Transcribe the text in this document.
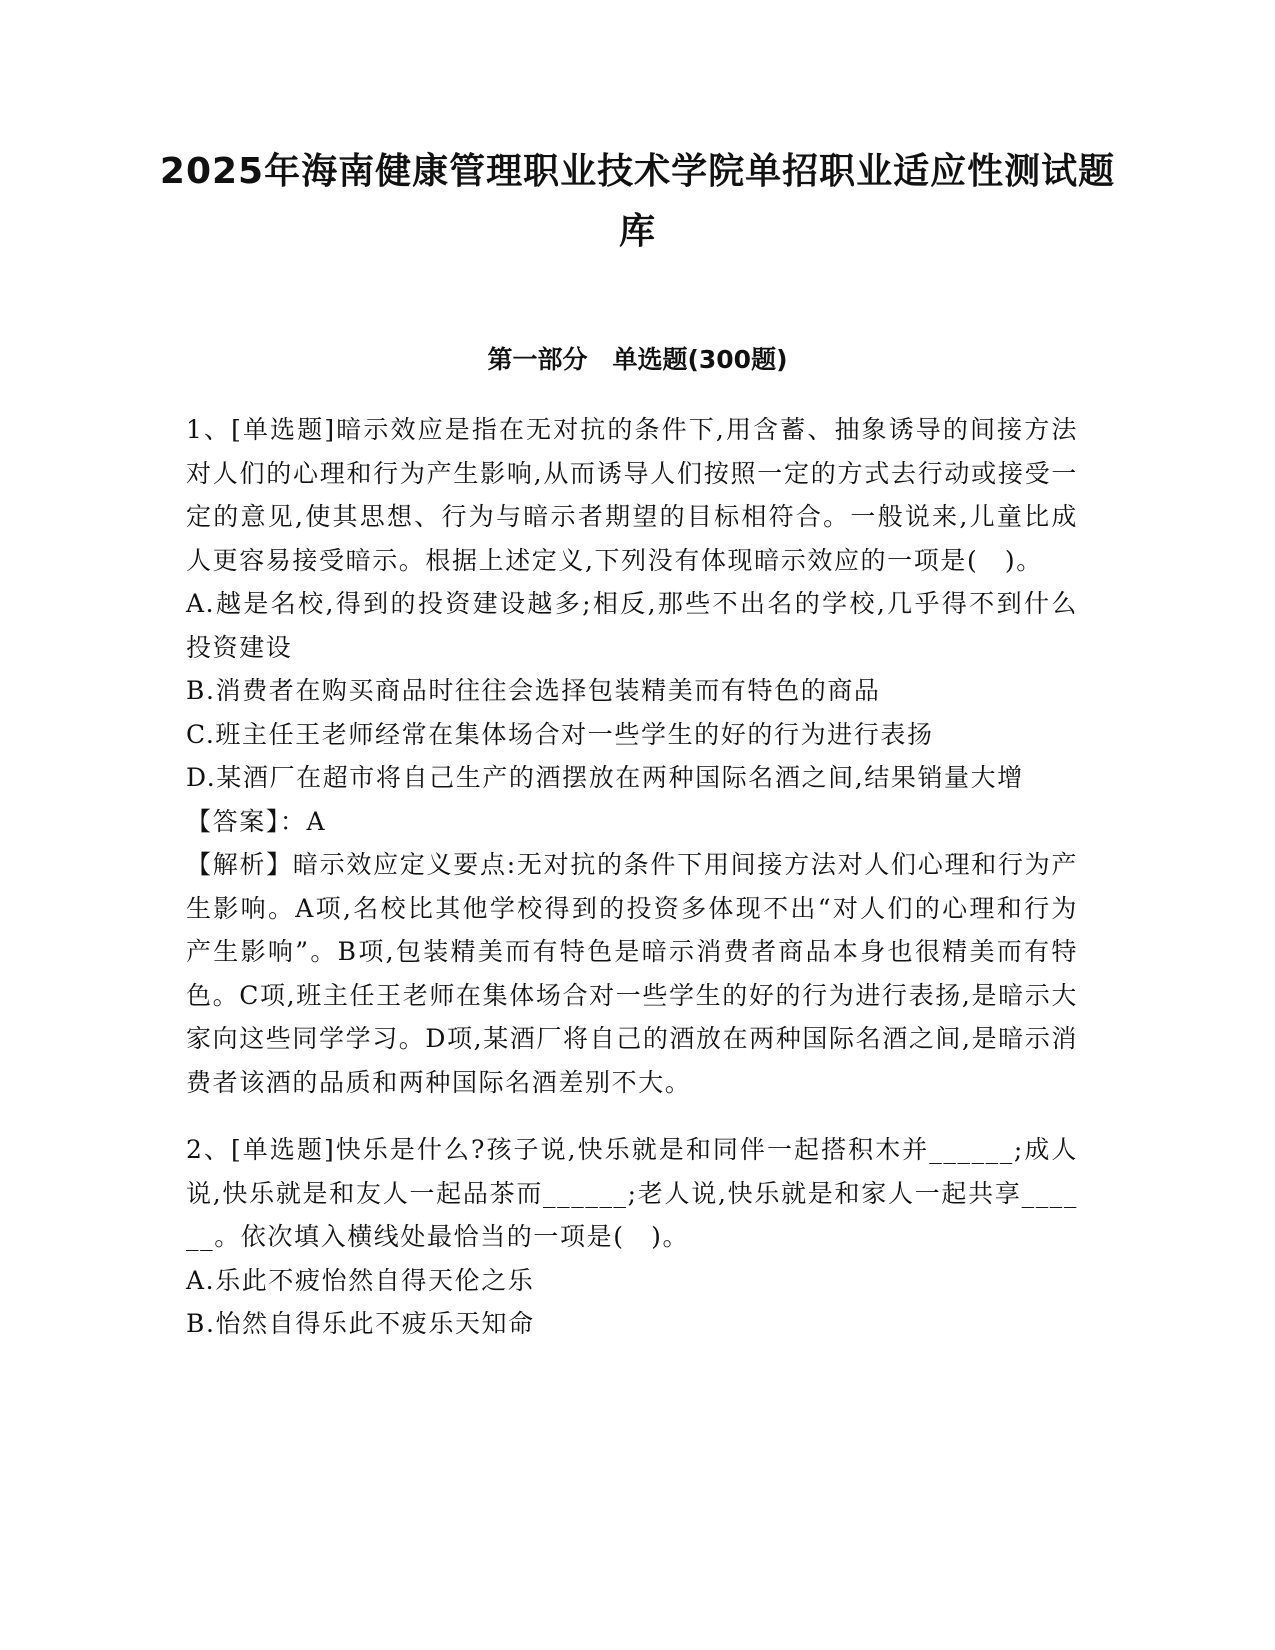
2025年海南健康管理职业技术学院单招职业适应性测试题库
第一部分　单选题(300题)

1、[单选题]暗示效应是指在无对抗的条件下,用含蓄、抽象诱导的间接方法对人们的心理和行为产生影响,从而诱导人们按照一定的方式去行动或接受一定的意见,使其思想、行为与暗示者期望的目标相符合。一般说来,儿童比成人更容易接受暗示。根据上述定义,下列没有体现暗示效应的一项是(　)。

A.越是名校,得到的投资建设越多;相反,那些不出名的学校,几乎得不到什么投资建设

B.消费者在购买商品时往往会选择包装精美而有特色的商品

C.班主任王老师经常在集体场合对一些学生的好的行为进行表扬

D.某酒厂在超市将自己生产的酒摆放在两种国际名酒之间,结果销量大增

【答案】：A

【解析】暗示效应定义要点:无对抗的条件下用间接方法对人们心理和行为产生影响。A项,名校比其他学校得到的投资多体现不出“对人们的心理和行为产生影响”。B项,包装精美而有特色是暗示消费者商品本身也很精美而有特色。C项,班主任王老师在集体场合对一些学生的好的行为进行表扬,是暗示大家向这些同学学习。D项,某酒厂将自己的酒放在两种国际名酒之间,是暗示消费者该酒的品质和两种国际名酒差别不大。

2、[单选题]快乐是什么?孩子说,快乐就是和同伴一起搭积木并______;成人说,快乐就是和友人一起品茶而______;老人说,快乐就是和家人一起共享______。依次填入横线处最恰当的一项是(　)。

A.乐此不疲怡然自得天伦之乐

B.怡然自得乐此不疲乐天知命
